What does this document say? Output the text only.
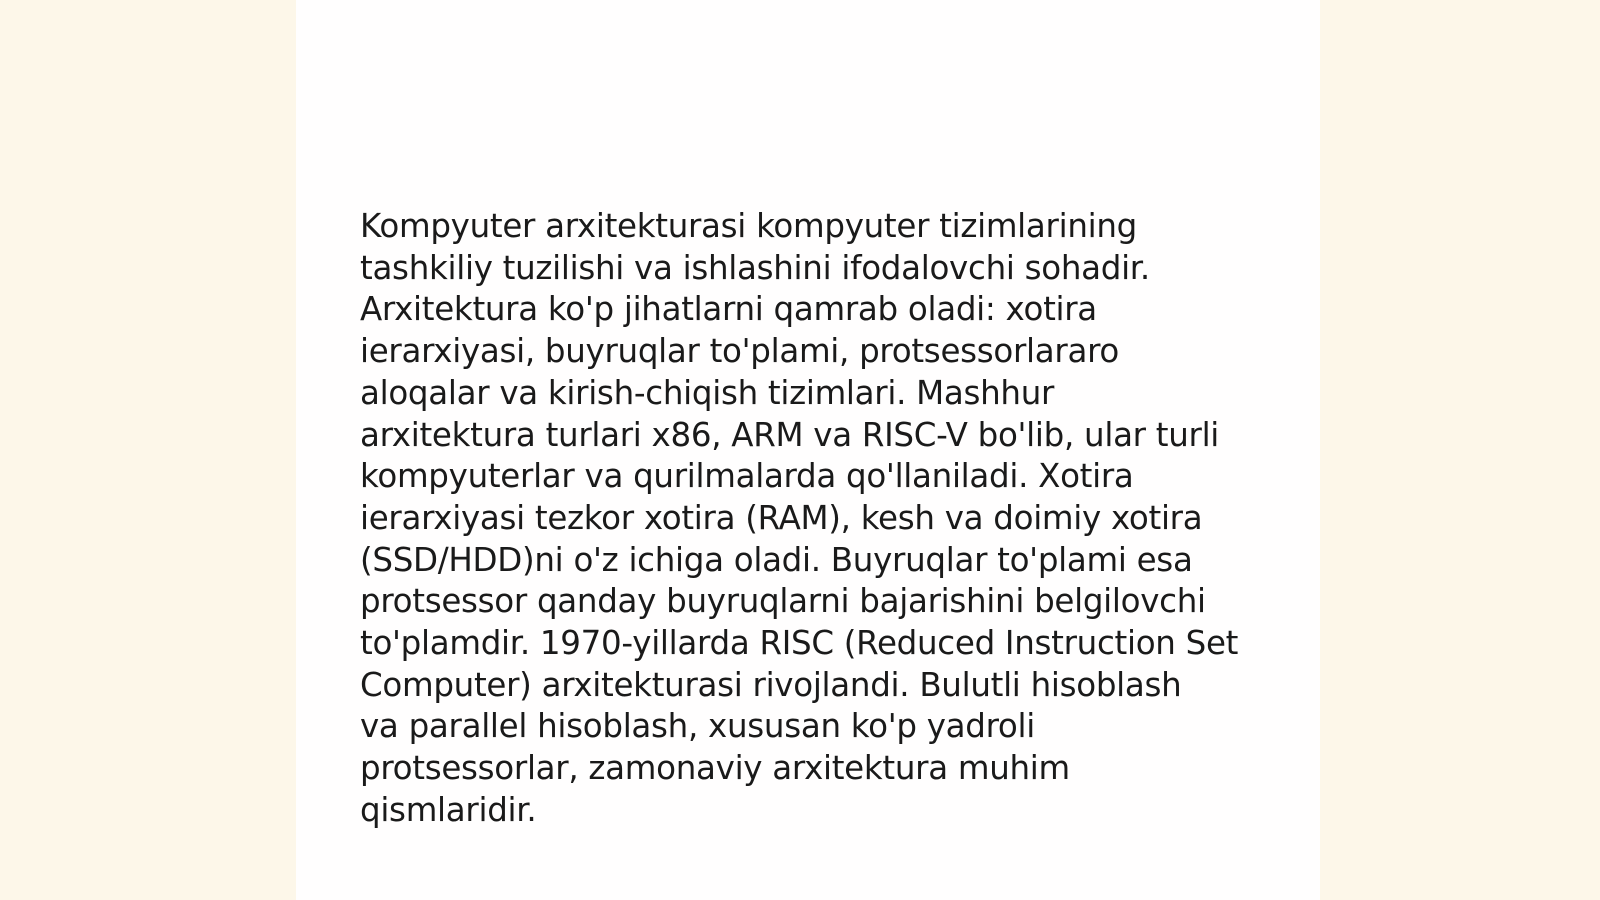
Kompyuter arxitekturasi kompyuter tizimlarining
tashkiliy tuzilishi va ishlashini ifodalovchi sohadir.
Arxitektura ko'p jihatlarni qamrab oladi: xotira
ierarxiyasi, buyruqlar to'plami, protsessorlararo
aloqalar va kirish-chiqish tizimlari. Mashhur
arxitektura turlari x86, ARM va RISC-V bo'lib, ular turli
kompyuterlar va qurilmalarda qo'llaniladi. Xotira
ierarxiyasi tezkor xotira (RAM), kesh va doimiy xotira
(SSD/HDD)ni o'z ichiga oladi. Buyruqlar to'plami esa
protsessor qanday buyruqlarni bajarishini belgilovchi
to'plamdir. 1970-yillarda RISC (Reduced Instruction Set
Computer) arxitekturasi rivojlandi. Bulutli hisoblash
va parallel hisoblash, xususan ko'p yadroli
protsessorlar, zamonaviy arxitektura muhim
qismlaridir.
